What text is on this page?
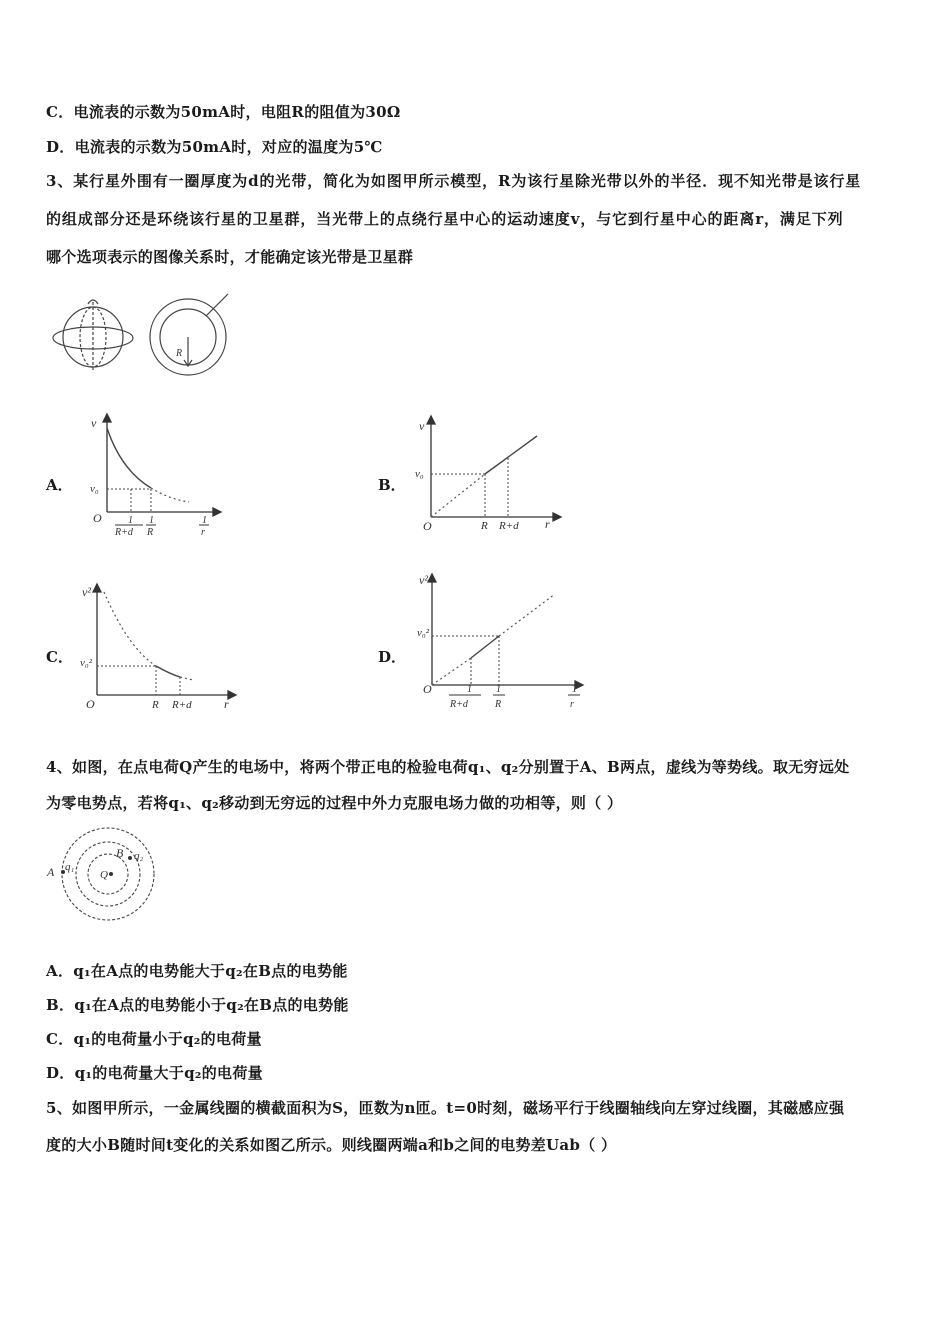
C．电流表的示数为50mA时，电阻R的阻值为30Ω
D．电流表的示数为50mA时，对应的温度为5℃
3、某行星外围有一圈厚度为d的光带，简化为如图甲所示模型，R为该行星除光带以外的半径．现不知光带是该行星
的组成部分还是环绕该行星的卫星群，当光带上的点绕行星中心的运动速度v，与它到行星中心的距离r，满足下列
哪个选项表示的图像关系时，才能确定该光带是卫星群
R
A．
v
v₀
O	1
R+d
1
R
1
r
B．
v
v₀
O	R R+d r
C．
v²
v₀²
O	R R+d	r
D．
v²
v₀²
O	1
R+d
1
R
1
r
4、如图，在点电荷Q产生的电场中，将两个带正电的检验电荷q₁、q₂分别置于A、B两点，虚线为等势线。取无穷远处
为零电势点，若将q₁、q₂移动到无穷远的过程中外力克服电场力做的功相等，则（ ）
Q
A q₁
B q₂
A．q₁在A点的电势能大于q₂在B点的电势能
B．q₁在A点的电势能小于q₂在B点的电势能
C．q₁的电荷量小于q₂的电荷量
D．q₁的电荷量大于q₂的电荷量
5、如图甲所示，一金属线圈的横截面积为S，匝数为n匝。t=0时刻，磁场平行于线圈轴线向左穿过线圈，其磁感应强
度的大小B随时间t变化的关系如图乙所示。则线圈两端a和b之间的电势差Uab（ ）
